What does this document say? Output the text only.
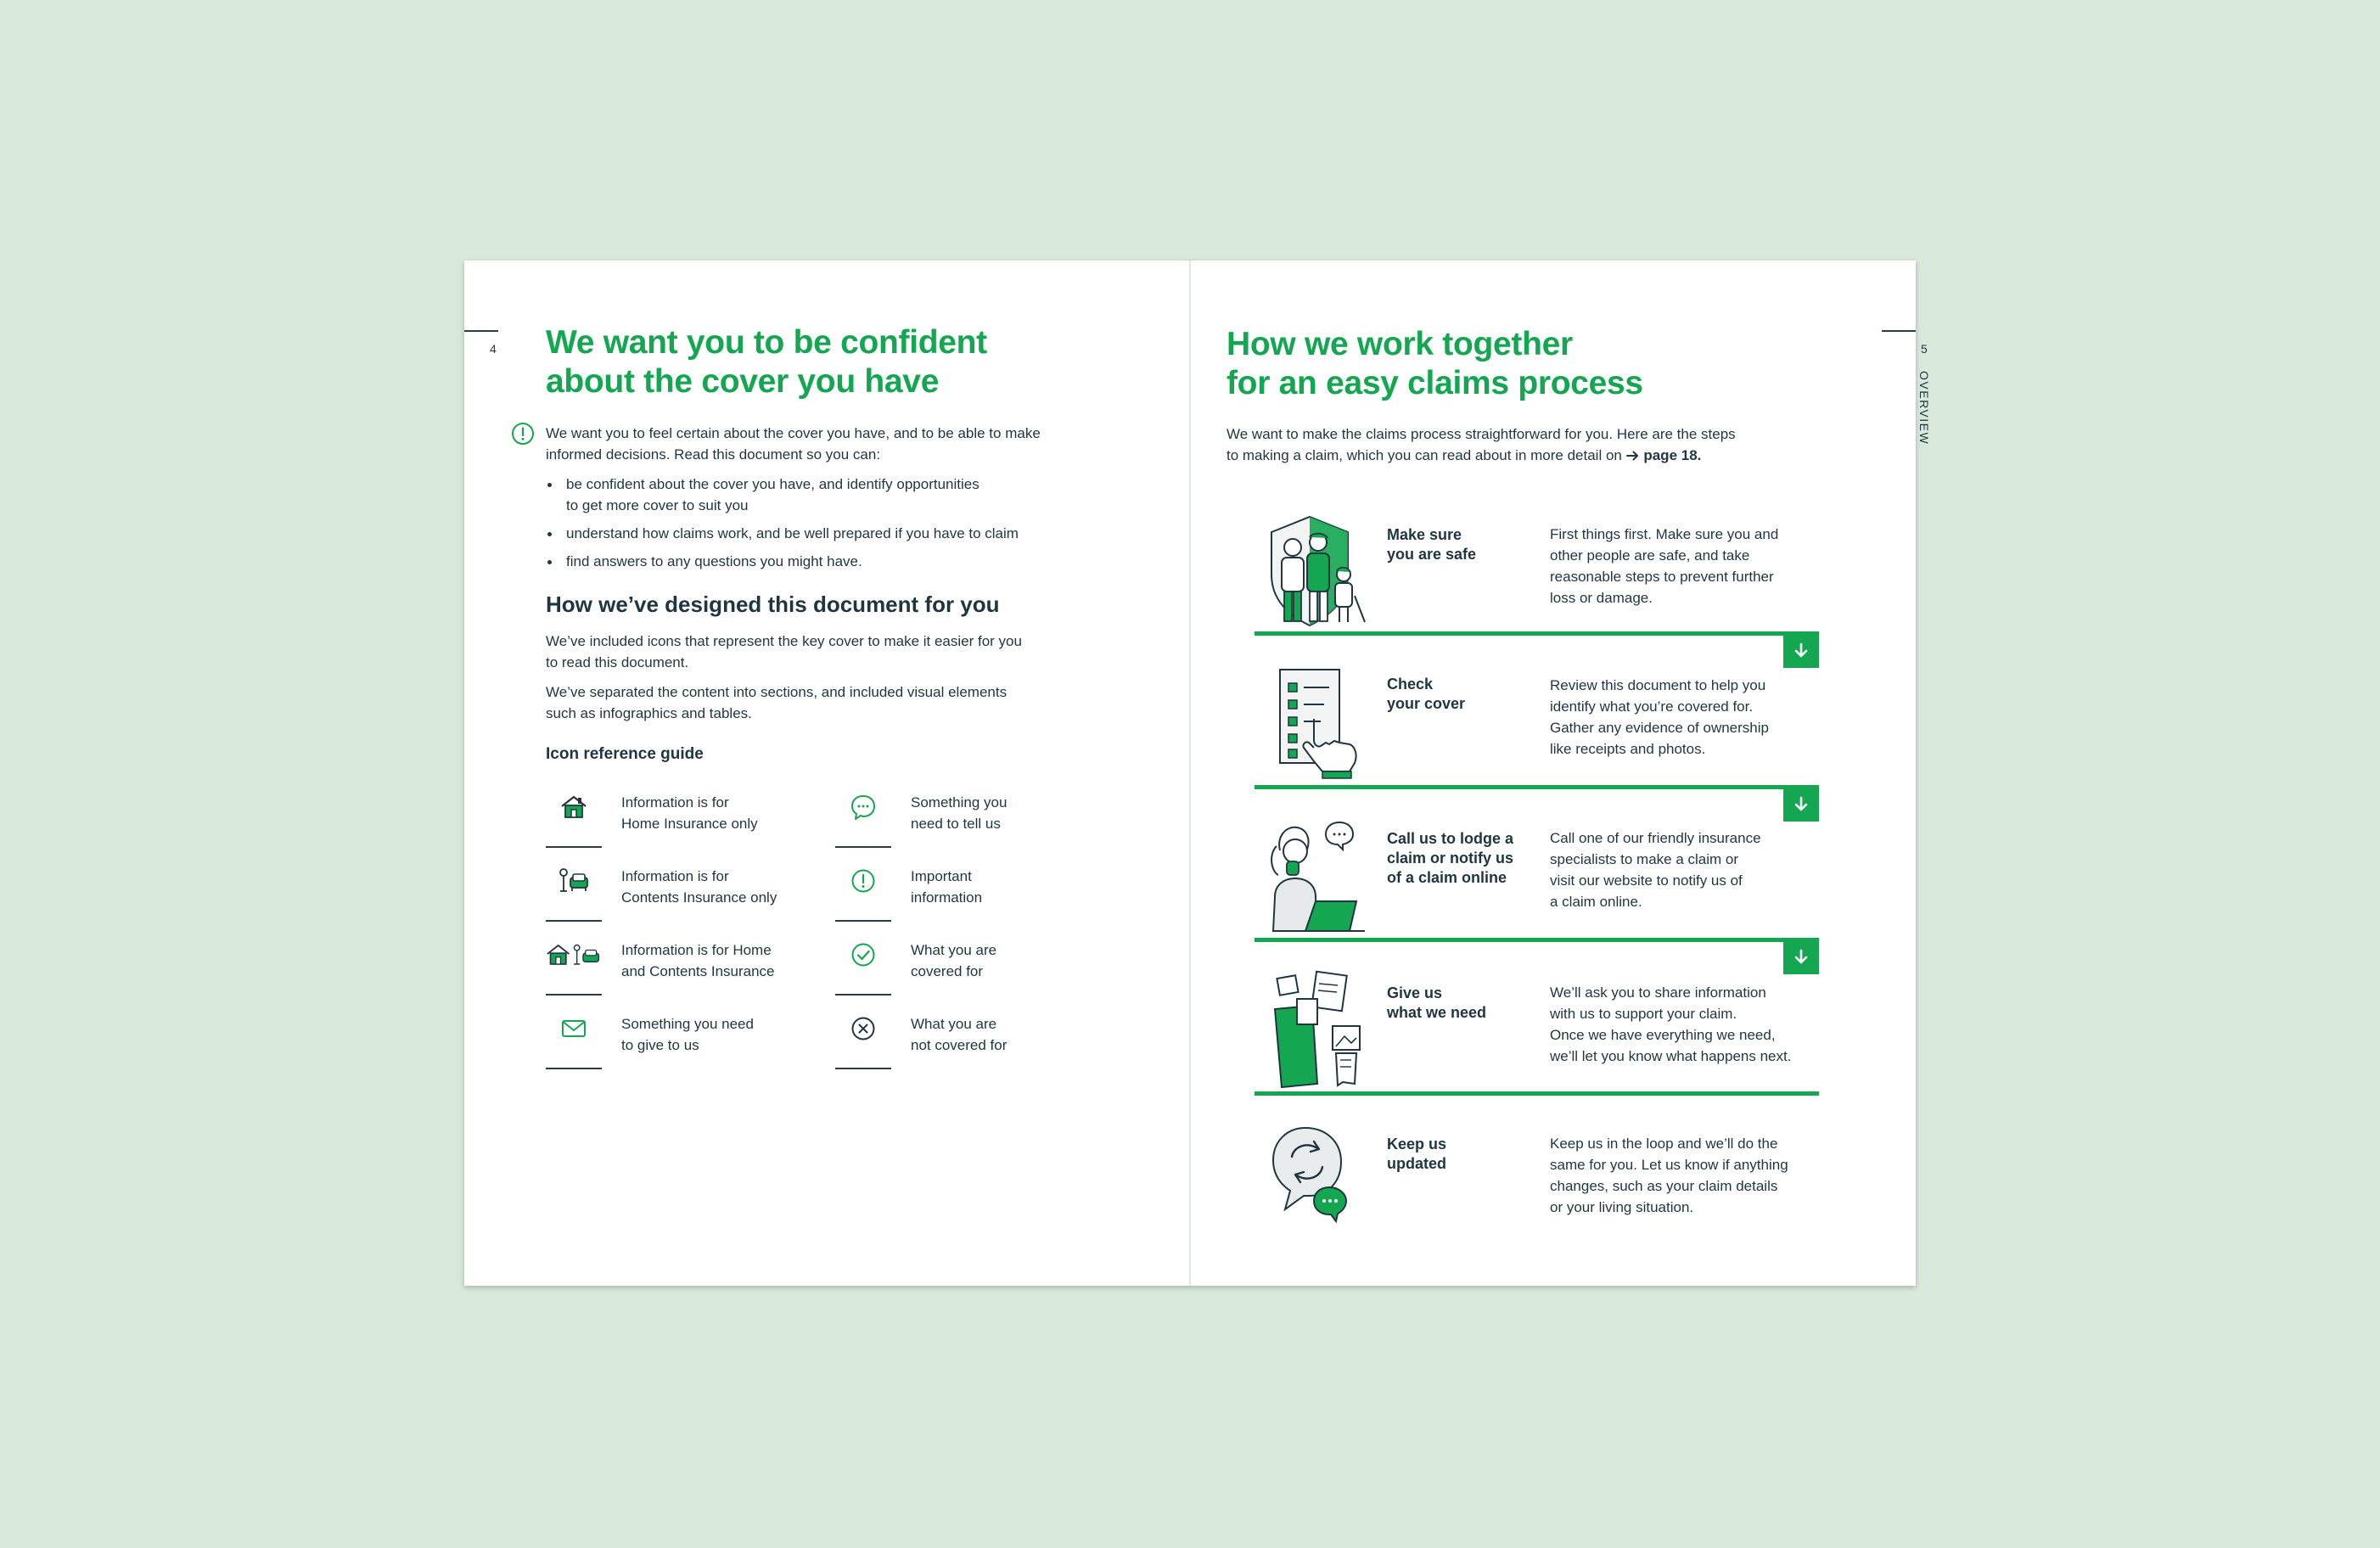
4 We want you to be confident
about the cover you have

We want you to feel certain about the cover you have, and to be able to make
informed decisions. Read this document so you can:

be confident about the cover you have, and identify opportunities
to get more cover to suit you
understand how claims work, and be well prepared if you have to claim
find answers to any questions you might have.
How we’ve designed this document for you

We’ve included icons that represent the key cover to make it easier for you
to read this document.

We’ve separated the content into sections, and included visual elements
such as infographics and tables.

Icon reference guide
Information is for
Home Insurance only
Information is for
Contents Insurance only
Information is for Home
and Contents Insurance
Something you need
to give to us
Something you
need to tell us
Important
information
What you are
covered for
What you are
not covered for
5
OVERVIEW
How we work together
for an easy claims process

We want to make the claims process straightforward for you. Here are the steps
to making a claim, which you can read about in more detail on page 18.

Make sure
you are safe
First things first. Make sure you and
other people are safe, and take
reasonable steps to prevent further
loss or damage.
Check
your cover
Review this document to help you
identify what you’re covered for.
Gather any evidence of ownership
like receipts and photos.
Call us to lodge a
claim or notify us
of a claim online
Call one of our friendly insurance
specialists to make a claim or
visit our website to notify us of
a claim online.
Give us
what we need
We’ll ask you to share information
with us to support your claim.
Once we have everything we need,
we’ll let you know what happens next.
Keep us
updated
Keep us in the loop and we’ll do the
same for you. Let us know if anything
changes, such as your claim details
or your living situation.
